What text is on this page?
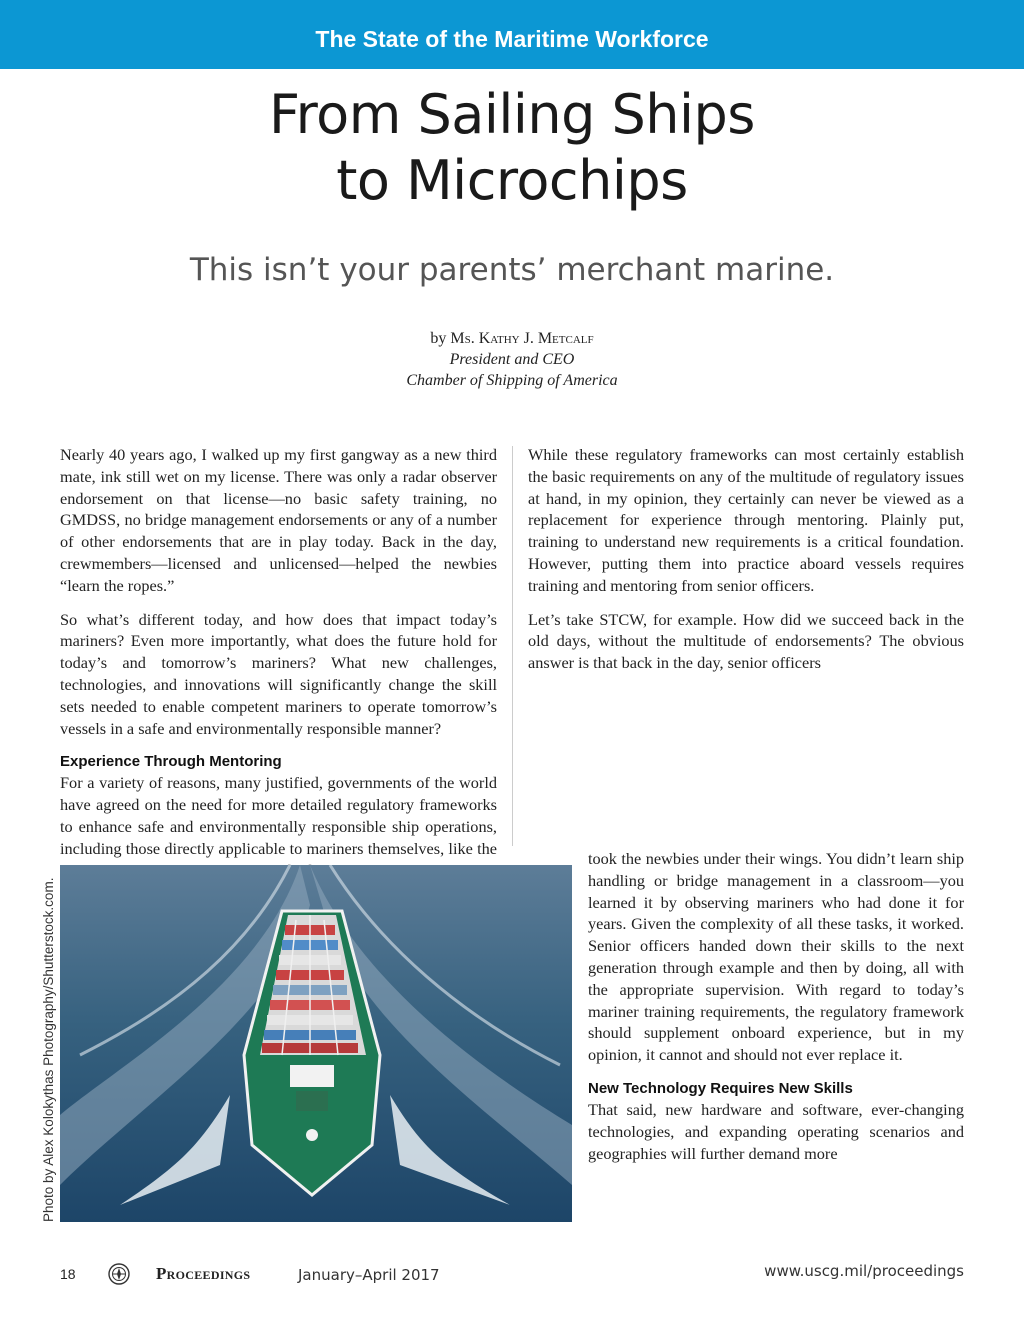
The State of the Maritime Workforce
From Sailing Ships
to Microchips
This isn’t your parents’ merchant marine.
by Ms. Kathy J. Metcalf
President and CEO
Chamber of Shipping of America

Nearly 40 years ago, I walked up my first gangway as a new third mate, ink still wet on my license. There was only a radar observer endorsement on that license—no basic safety training, no GMDSS, no bridge management endorsements or any of a number of other endorsements that are in play today. Back in the day, crewmembers—licensed and unlicensed—helped the newbies “learn the ropes.”

So what’s different today, and how does that impact today’s mariners? Even more importantly, what does the future hold for today’s and tomorrow’s mariners? What new challenges, technologies, and innovations will significantly change the skill sets needed to enable competent mariners to operate tomorrow’s vessels in a safe and environmentally responsible manner?

Experience Through Mentoring

For a variety of reasons, many justified, governments of the world have agreed on the need for more detailed regulatory frameworks to enhance safe and environmentally responsible ship operations, including those directly applicable to mariners themselves, like the

While these regulatory frameworks can most certainly establish the basic requirements on any of the multitude of regulatory issues at hand, in my opinion, they certainly can never be viewed as a replacement for experience through mentoring. Plainly put, training to understand new requirements is a critical foundation. However, putting them into practice aboard vessels requires training and mentoring from senior officers.

Let’s take STCW, for example. How did we succeed back in the old days, without the multitude of endorsements? The obvious answer is that back in the day, senior officers

took the newbies under their wings. You didn’t learn ship handling or bridge management in a classroom—you learned it by observing mariners who had done it for years. Given the complexity of all these tasks, it worked. Senior officers handed down their skills to the next generation through example and then by doing, all with the appropriate supervision. With regard to today’s mariner training requirements, the regulatory framework should supplement onboard experience, but in my opinion, it cannot and should not ever replace it.

New Technology Requires New Skills

That said, new hardware and software, ever-changing technologies, and expanding operating scenarios and geographies will further demand more

Photo by Alex Kolokythas Photography/Shutterstock.com.
18	Proceedings	January–April 2017	www.uscg.mil/proceedings
